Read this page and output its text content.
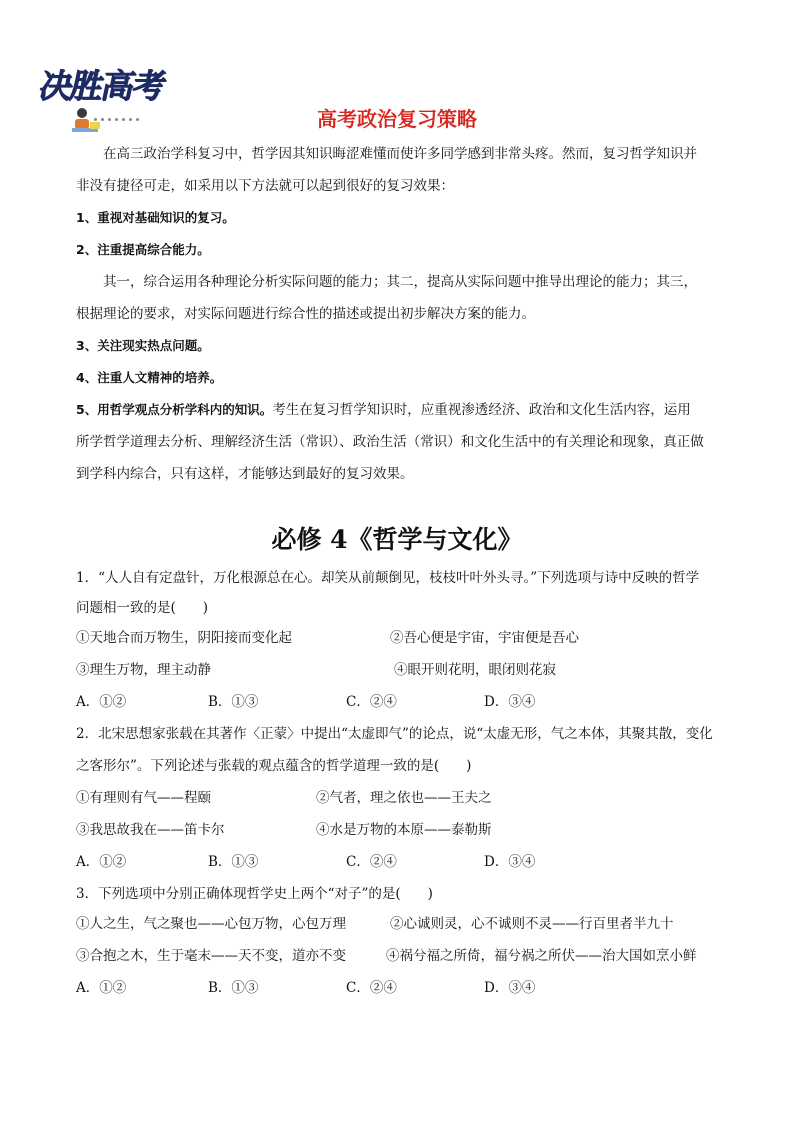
决胜高考
高考政治复习策略
在高三政治学科复习中，哲学因其知识晦涩难懂而使许多同学感到非常头疼。然而，复习哲学知识并
非没有捷径可走，如采用以下方法就可以起到很好的复习效果：
1、重视对基础知识的复习。
2、注重提高综合能力。
其一，综合运用各种理论分析实际问题的能力；其二，提高从实际问题中推导出理论的能力；其三，
根据理论的要求，对实际问题进行综合性的描述或提出初步解决方案的能力。
3、关注现实热点问题。
4、注重人文精神的培养。
5、用哲学观点分析学科内的知识。考生在复习哲学知识时，应重视渗透经济、政治和文化生活内容，运用
所学哲学道理去分析、理解经济生活（常识）、政治生活（常识）和文化生活中的有关理论和现象，真正做
到学科内综合，只有这样，才能够达到最好的复习效果。
必修 4《哲学与文化》
1．“人人自有定盘针，万化根源总在心。却笑从前颠倒见，枝枝叶叶外头寻。”下列选项与诗中反映的哲学
问题相一致的是(　　)
①天地合而万物生，阴阳接而变化起	②吾心便是宇宙，宇宙便是吾心
③理生万物，理主动静	④眼开则花明，眼闭则花寂
A．①②	B．①③	C．②④	D．③④
2．北宋思想家张载在其著作〈正蒙〉中提出“太虚即气”的论点，说“太虚无形，气之本体，其聚其散，变化
之客形尔”。下列论述与张载的观点蕴含的哲学道理一致的是(　　)
①有理则有气——程颐	②气者，理之依也——王夫之
③我思故我在——笛卡尔	④水是万物的本原——泰勒斯
A．①②	B．①③	C．②④	D．③④
3．下列选项中分别正确体现哲学史上两个“对子”的是(　　)
①人之生，气之聚也——心包万物，心包万理	②心诚则灵，心不诚则不灵——行百里者半九十
③合抱之木，生于毫末——天不变，道亦不变	④祸兮福之所倚，福兮祸之所伏——治大国如烹小鲜
A．①②	B．①③	C．②④	D．③④
